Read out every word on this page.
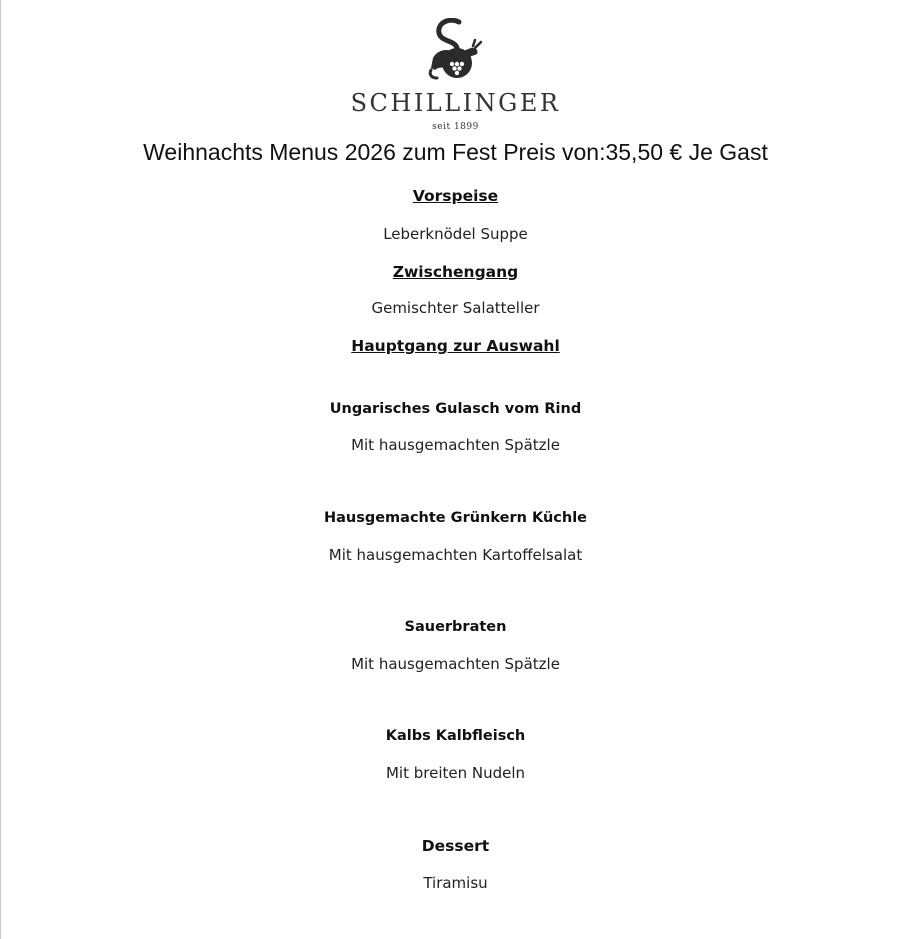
SCHILLINGER
seit 1899
Weihnachts Menus 2026 zum Fest Preis von:35,50 € Je Gast
Vorspeise
Leberknödel Suppe
Zwischengang
Gemischter Salatteller
Hauptgang zur Auswahl
Ungarisches Gulasch vom Rind
Mit hausgemachten Spätzle
Hausgemachte Grünkern Küchle
Mit hausgemachten Kartoffelsalat
Sauerbraten
Mit hausgemachten Spätzle
Kalbs Kalbfleisch
Mit breiten Nudeln
Dessert
Tiramisu
